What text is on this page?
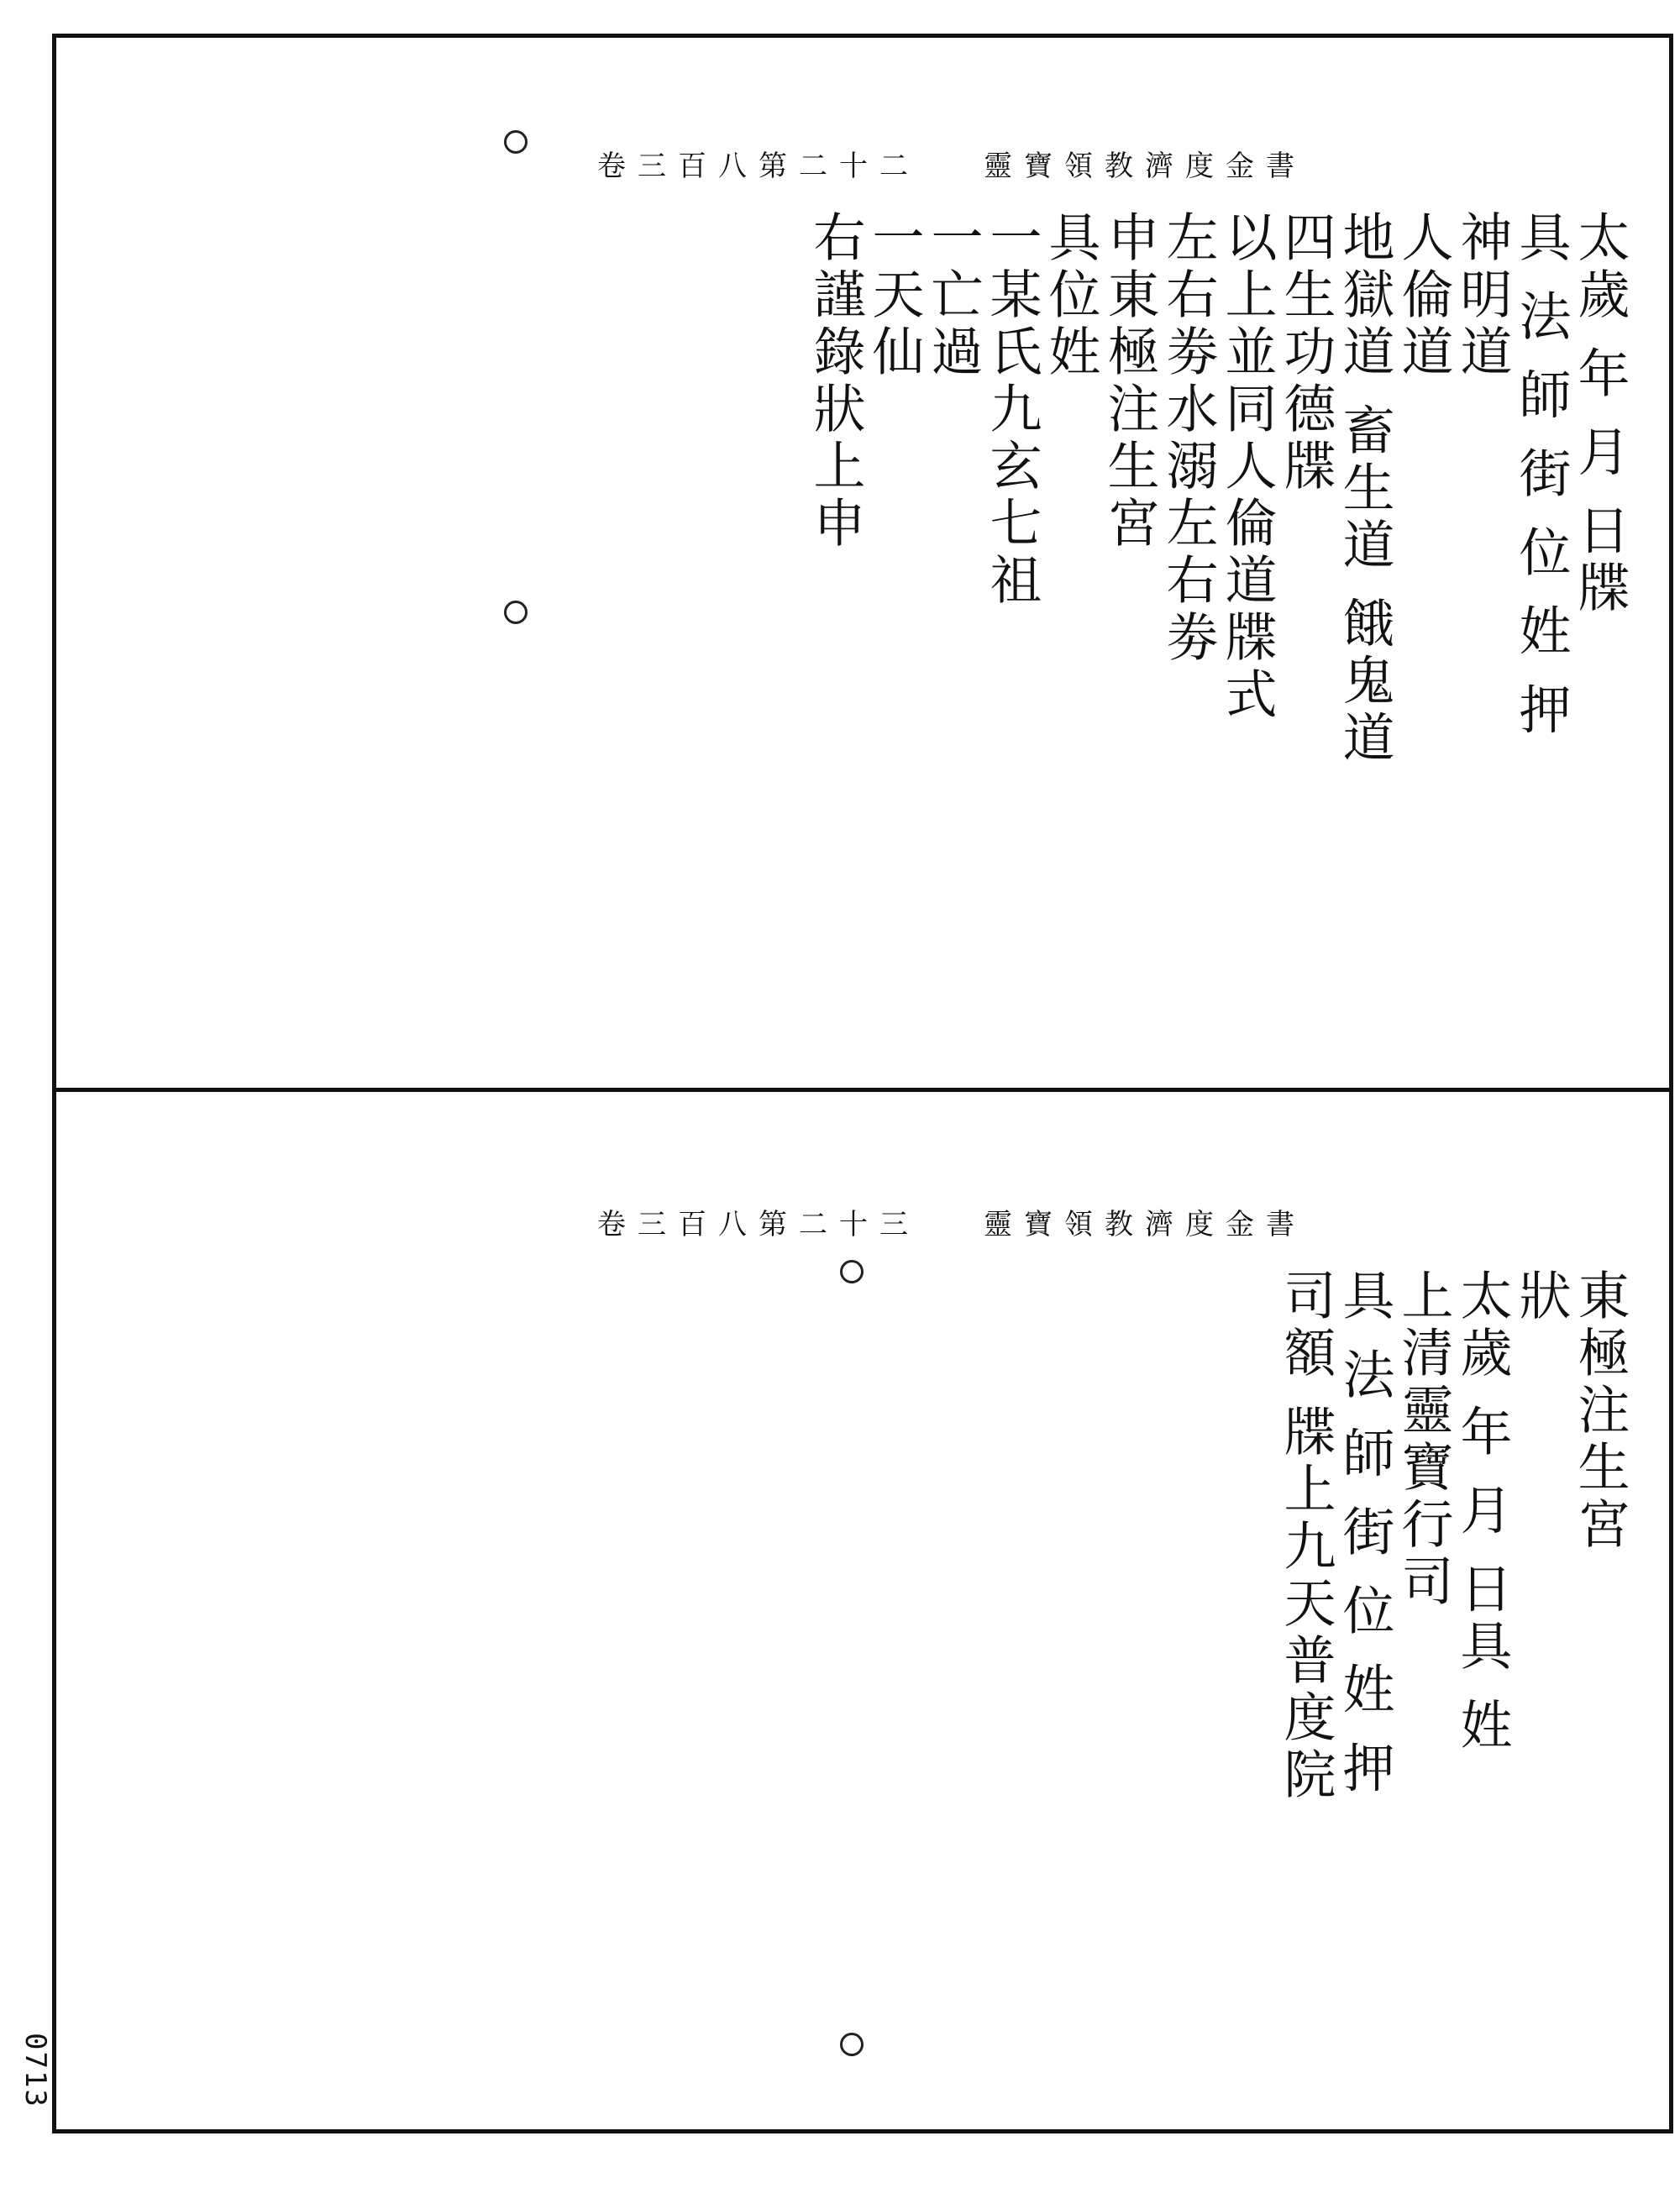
靈寶領教濟度金書
卷三百八第二十二
太歲 年 月 日牒
具 法 師 街 位 姓 押
神明道
人倫道
地獄道 畜生道 餓鬼道
四生功德牒
以上並同人倫道牒式
左右劵水溺左右劵
申東極注生宮
具位姓
一某氏九玄七祖
一亡過
一天仙
右謹錄狀上申
靈寶領教濟度金書
卷三百八第二十三
東極注生宮
狀
太歲 年 月 日具 姓
上清靈寶行司
具 法 師 街 位 姓 押
司額 牒上九天普度院
0713
